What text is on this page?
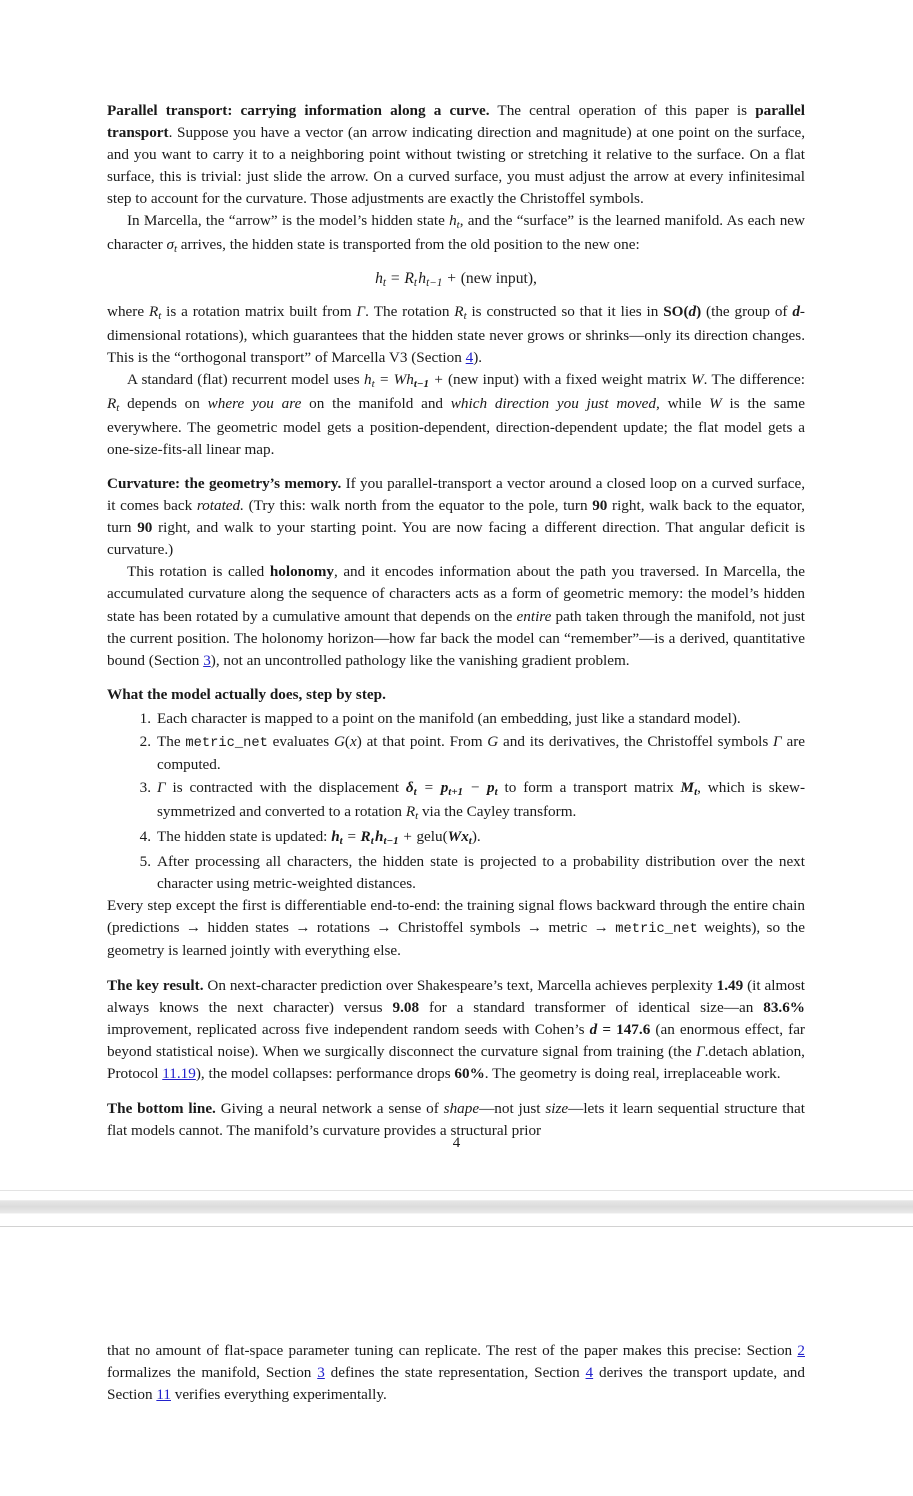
Parallel transport: carrying information along a curve. The central operation of this paper is parallel transport. Suppose you have a vector (an arrow indicating direction and magnitude) at one point on the surface, and you want to carry it to a neighboring point without twisting or stretching it relative to the surface. On a flat surface, this is trivial: just slide the arrow. On a curved surface, you must adjust the arrow at every infinitesimal step to account for the curvature. Those adjustments are exactly the Christoffel symbols.

In Marcella, the “arrow” is the model’s hidden state $h_t$, and the “surface” is the learned manifold. As each new character $\sigma_t$ arrives, the hidden state is transported from the old position to the new one:

$h_t = R_t$ $h_{t-1} + (new$ input),

where $R_t$ is a rotation matrix built from Γ. The rotation $R_t$ is constructed so that it lies in SO(d) (the group of d-dimensional rotations), which guarantees that the hidden state never grows or shrinks—only its direction changes. This is the “orthogonal transport” of Marcella V3 (Section 4).

A standard (flat) recurrent model uses $h_t = Wh_{t-1} + (new$ input) with a fixed weight matrix W. The difference: $R_t$ depends on where you are on the manifold and which direction you just moved, while W is the same everywhere. The geometric model gets a position-dependent, direction-dependent update; the flat model gets a one-size-fits-all linear map.

Curvature: the geometry’s memory. If you parallel-transport a vector around a closed loop on a curved surface, it comes back rotated. (Try this: walk north from the equator to the pole, turn 90 right, walk back to the equator, turn 90 right, and walk to your starting point. You are now facing a different direction. That angular deficit is curvature.)

This rotation is called holonomy, and it encodes information about the path you traversed. In Marcella, the accumulated curvature along the sequence of characters acts as a form of geometric memory: the model’s hidden state has been rotated by a cumulative amount that depends on the entire path taken through the manifold, not just the current position. The holonomy horizon—how far back the model can “remember”—is a derived, quantitative bound (Section 3), not an uncontrolled pathology like the vanishing gradient problem.

What the model actually does, step by step.

Each character is mapped to a point on the manifold (an embedding, just like a standard model).
The metric_net evaluates G(x) at that point. From G and its derivatives, the Christoffel symbols Γ are computed.
Γ is contracted with the displacement $\delta_t = p_{t+1} - p_t$ to form a transport matrix $M_t$, which is skew-symmetrized and converted to a rotation $R_t$ via the Cayley transform.
The hidden state is updated: $h_t = R_t$ $h_{t-1}$ + $gelu(Wx_t)$.
After processing all characters, the hidden state is projected to a probability distribution over the next character using metric-weighted distances.

Every step except the first is differentiable end-to-end: the training signal flows backward through the entire chain (predictions → hidden states → rotations → Christoffel symbols → metric → metric_net weights), so the geometry is learned jointly with everything else.

The key result. On next-character prediction over Shakespeare’s text, Marcella achieves perplexity 1.49 (it almost always knows the next character) versus 9.08 for a standard transformer of identical size—an 83.6% improvement, replicated across five independent random seeds with Cohen’s d = 147.6 (an enormous effect, far beyond statistical noise). When we surgically disconnect the curvature signal from training (the Γ.detach ablation, Protocol 11.19), the model collapses: performance drops 60%. The geometry is doing real, irreplaceable work.

The bottom line. Giving a neural network a sense of shape—not just size—lets it learn sequential structure that flat models cannot. The manifold’s curvature provides a structural prior

4

that no amount of flat-space parameter tuning can replicate. The rest of the paper makes this precise: Section 2 formalizes the manifold, Section 3 defines the state representation, Section 4 derives the transport update, and Section 11 verifies everything experimentally.
